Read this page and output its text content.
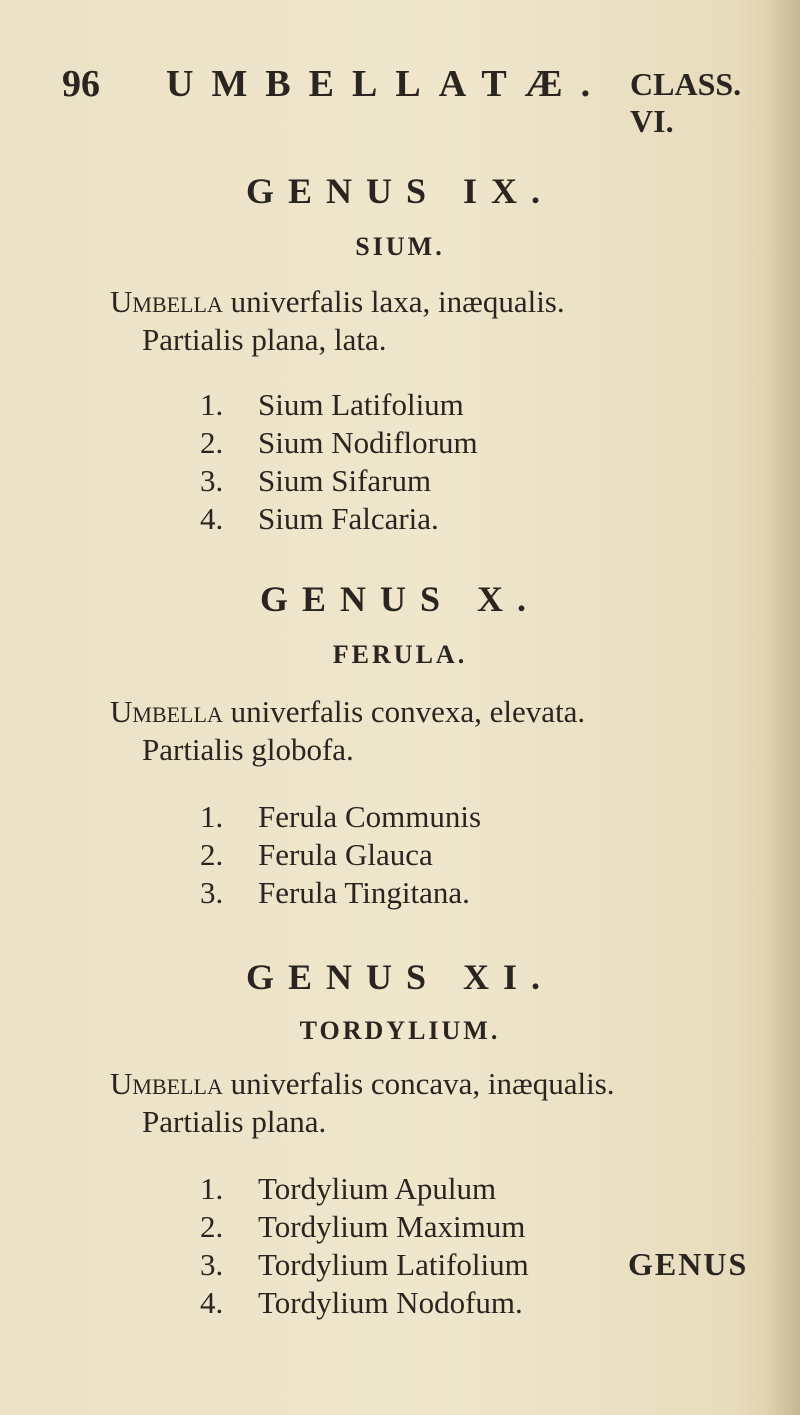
96 UMBELLATÆ. CLASS. VI.
GENUS IX.
SIUM.
Umbella univerfalis laxa, inæqualis.
Partialis plana, lata.
1.	Sium Latifolium
2.	Sium Nodiflorum
3.	Sium Sifarum
4.	Sium Falcaria.
GENUS X.
FERULA.
Umbella univerfalis convexa, elevata.
Partialis globofa.
1.	Ferula Communis
2.	Ferula Glauca
3.	Ferula Tingitana.
GENUS XI.
TORDYLIUM.
Umbella univerfalis concava, inæqualis.
Partialis plana.
1.	Tordylium Apulum
2.	Tordylium Maximum
3.	Tordylium Latifolium
4.	Tordylium Nodofum.
GENUS
